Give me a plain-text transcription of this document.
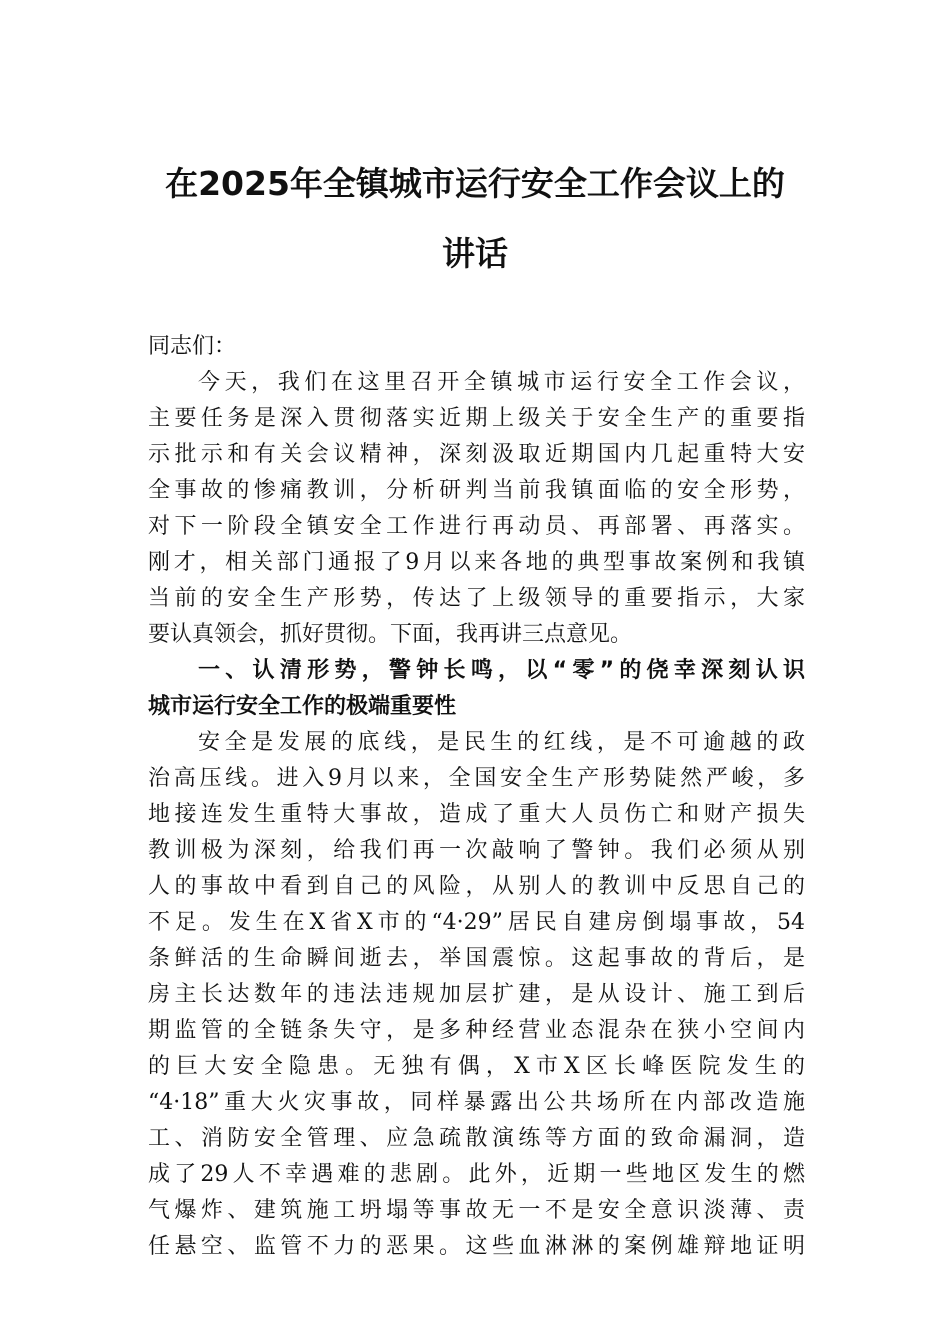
在2025年全镇城市运行安全工作会议上的
讲话
同志们：
今天，我们在这里召开全镇城市运行安全工作会议，
主要任务是深入贯彻落实近期上级关于安全生产的重要指
示批示和有关会议精神，深刻汲取近期国内几起重特大安
全事故的惨痛教训，分析研判当前我镇面临的安全形势，
对下一阶段全镇安全工作进行再动员、再部署、再落实。
刚才，相关部门通报了9月以来各地的典型事故案例和我镇
当前的安全生产形势，传达了上级领导的重要指示，大家
要认真领会，抓好贯彻。下面，我再讲三点意见。
一、认清形势，警钟长鸣，以“零”的侥幸深刻认识
城市运行安全工作的极端重要性
安全是发展的底线，是民生的红线，是不可逾越的政
治高压线。进入9月以来，全国安全生产形势陡然严峻，多
地接连发生重特大事故，造成了重大人员伤亡和财产损失
教训极为深刻，给我们再一次敲响了警钟。我们必须从别
人的事故中看到自己的风险，从别人的教训中反思自己的
不足。发生在X省X市的“4·29”居民自建房倒塌事故，54
条鲜活的生命瞬间逝去，举国震惊。这起事故的背后，是
房主长达数年的违法违规加层扩建，是从设计、施工到后
期监管的全链条失守，是多种经营业态混杂在狭小空间内
的巨大安全隐患。无独有偶，X市X区长峰医院发生的
“4·18”重大火灾事故，同样暴露出公共场所在内部改造施
工、消防安全管理、应急疏散演练等方面的致命漏洞，造
成了29人不幸遇难的悲剧。此外，近期一些地区发生的燃
气爆炸、建筑施工坍塌等事故无一不是安全意识淡薄、责
任悬空、监管不力的恶果。这些血淋淋的案例雄辩地证明
